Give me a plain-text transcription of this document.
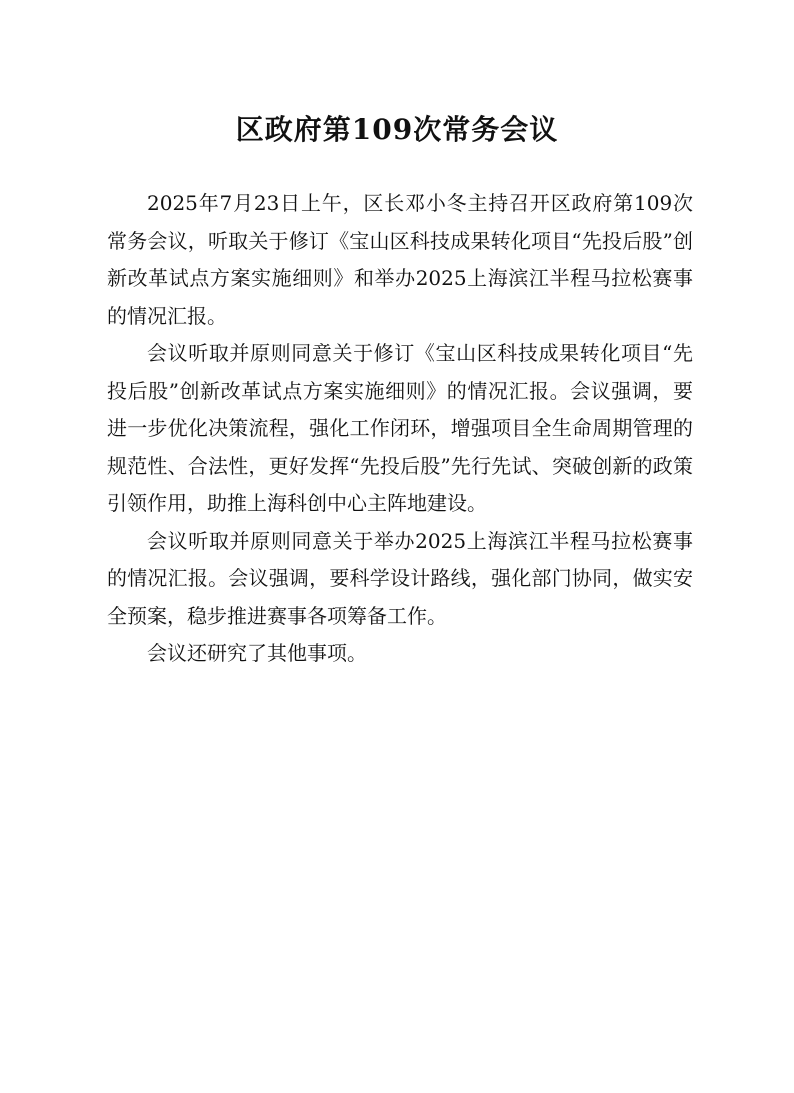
区政府第109次常务会议

2025年7月23日上午，区长邓小冬主持召开区政府第109次常务会议，听取关于修订《宝山区科技成果转化项目“先投后股”创新改革试点方案实施细则》和举办2025上海滨江半程马拉松赛事的情况汇报。

会议听取并原则同意关于修订《宝山区科技成果转化项目“先投后股”创新改革试点方案实施细则》的情况汇报。会议强调，要进一步优化决策流程，强化工作闭环，增强项目全生命周期管理的规范性、合法性，更好发挥“先投后股”先行先试、突破创新的政策引领作用，助推上海科创中心主阵地建设。

会议听取并原则同意关于举办2025上海滨江半程马拉松赛事的情况汇报。会议强调，要科学设计路线，强化部门协同，做实安全预案，稳步推进赛事各项筹备工作。

会议还研究了其他事项。
